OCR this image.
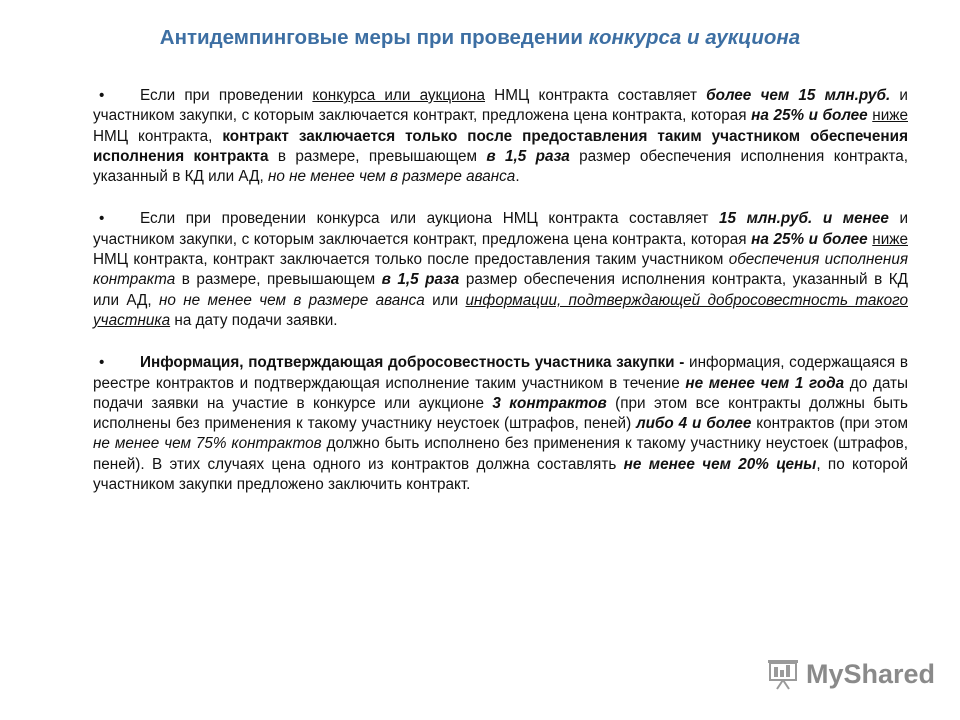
Антидемпинговые меры при проведении конкурса и аукциона

• Если при проведении конкурса или аукциона НМЦ контракта составляет более чем 15 млн.руб. и участником закупки, с которым заключается контракт, предложена цена контракта, которая на 25% и более ниже НМЦ контракта, контракт заключается только после предоставления таким участником обеспечения исполнения контракта в размере, превышающем в 1,5 раза размер обеспечения исполнения контракта, указанный в КД или АД, но не менее чем в размере аванса.

• Если при проведении конкурса или аукциона НМЦ контракта составляет 15 млн.руб. и менее и участником закупки, с которым заключается контракт, предложена цена контракта, которая на 25% и более ниже НМЦ контракта, контракт заключается только после предоставления таким участником обеспечения исполнения контракта в размере, превышающем в 1,5 раза размер обеспечения исполнения контракта, указанный в КД или АД, но не менее чем в размере аванса или информации, подтверждающей добросовестность такого участника на дату подачи заявки.

• Информация, подтверждающая добросовестность участника закупки - информация, содержащаяся в реестре контрактов и подтверждающая исполнение таким участником в течение не менее чем 1 года до даты подачи заявки на участие в конкурсе или аукционе 3 контрактов (при этом все контракты должны быть исполнены без применения к такому участнику неустоек (штрафов, пеней) либо 4 и более контрактов (при этом не менее чем 75% контрактов должно быть исполнено без применения к такому участнику неустоек (штрафов, пеней). В этих случаях цена одного из контрактов должна составлять не менее чем 20% цены, по которой участником закупки предложено заключить контракт.

MyShared
